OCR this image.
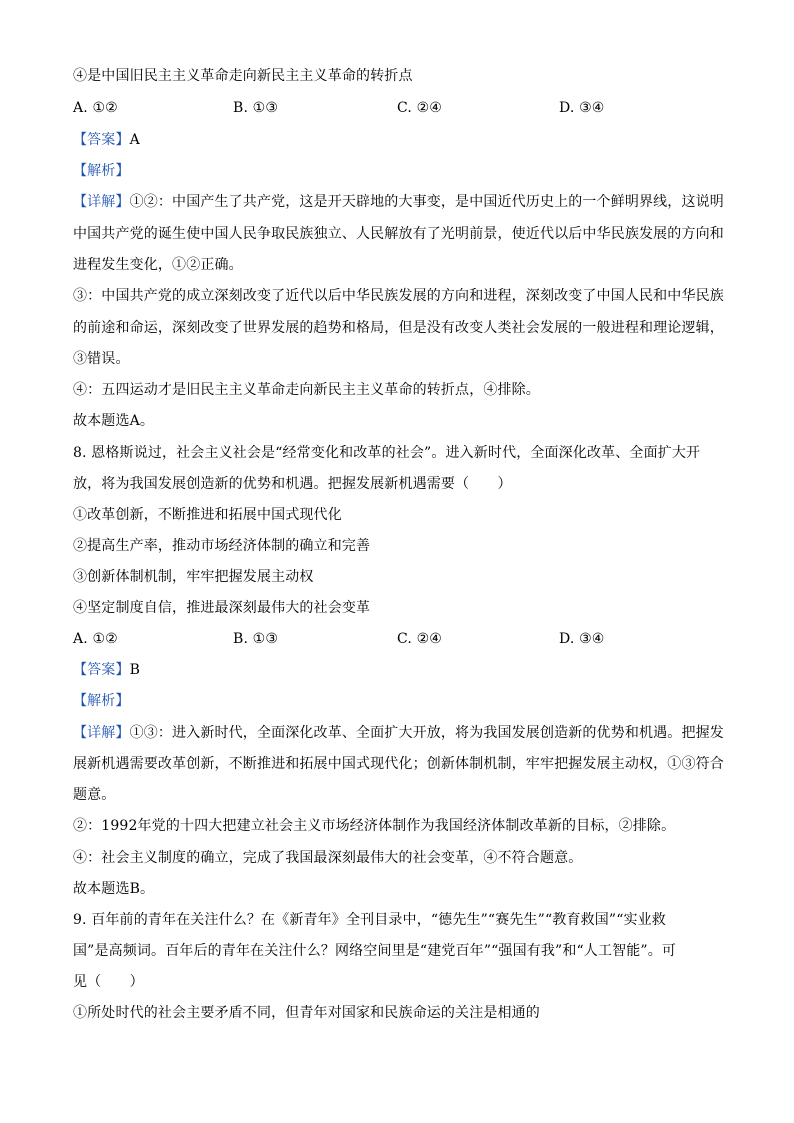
④是中国旧民主主义革命走向新民主主义革命的转折点
A. ①②	B. ①③	C. ②④	D. ③④
【答案】A
【解析】
【详解】①②：中国产生了共产党，这是开天辟地的大事变，是中国近代历史上的一个鲜明界线，这说明
中国共产党的诞生使中国人民争取民族独立、人民解放有了光明前景，使近代以后中华民族发展的方向和
进程发生变化，①②正确。
③：中国共产党的成立深刻改变了近代以后中华民族发展的方向和进程，深刻改变了中国人民和中华民族
的前途和命运，深刻改变了世界发展的趋势和格局，但是没有改变人类社会发展的一般进程和理论逻辑，
③错误。
④：五四运动才是旧民主主义革命走向新民主主义革命的转折点，④排除。
故本题选A。
8. 恩格斯说过，社会主义社会是“经常变化和改革的社会”。进入新时代，全面深化改革、全面扩大开
放，将为我国发展创造新的优势和机遇。把握发展新机遇需要（　　）
①改革创新，不断推进和拓展中国式现代化
②提高生产率，推动市场经济体制的确立和完善
③创新体制机制，牢牢把握发展主动权
④坚定制度自信，推进最深刻最伟大的社会变革
A. ①②	B. ①③	C. ②④	D. ③④
【答案】B
【解析】
【详解】①③：进入新时代，全面深化改革、全面扩大开放，将为我国发展创造新的优势和机遇。把握发
展新机遇需要改革创新，不断推进和拓展中国式现代化；创新体制机制，牢牢把握发展主动权，①③符合
题意。
②：1992年党的十四大把建立社会主义市场经济体制作为我国经济体制改革新的目标，②排除。
④：社会主义制度的确立，完成了我国最深刻最伟大的社会变革，④不符合题意。
故本题选B。
9. 百年前的青年在关注什么？在《新青年》全刊目录中，“德先生”“赛先生”“教育救国”“实业救
国”是高频词。百年后的青年在关注什么？网络空间里是“建党百年”“强国有我”和“人工智能”。可
见（　　）
①所处时代的社会主要矛盾不同，但青年对国家和民族命运的关注是相通的
